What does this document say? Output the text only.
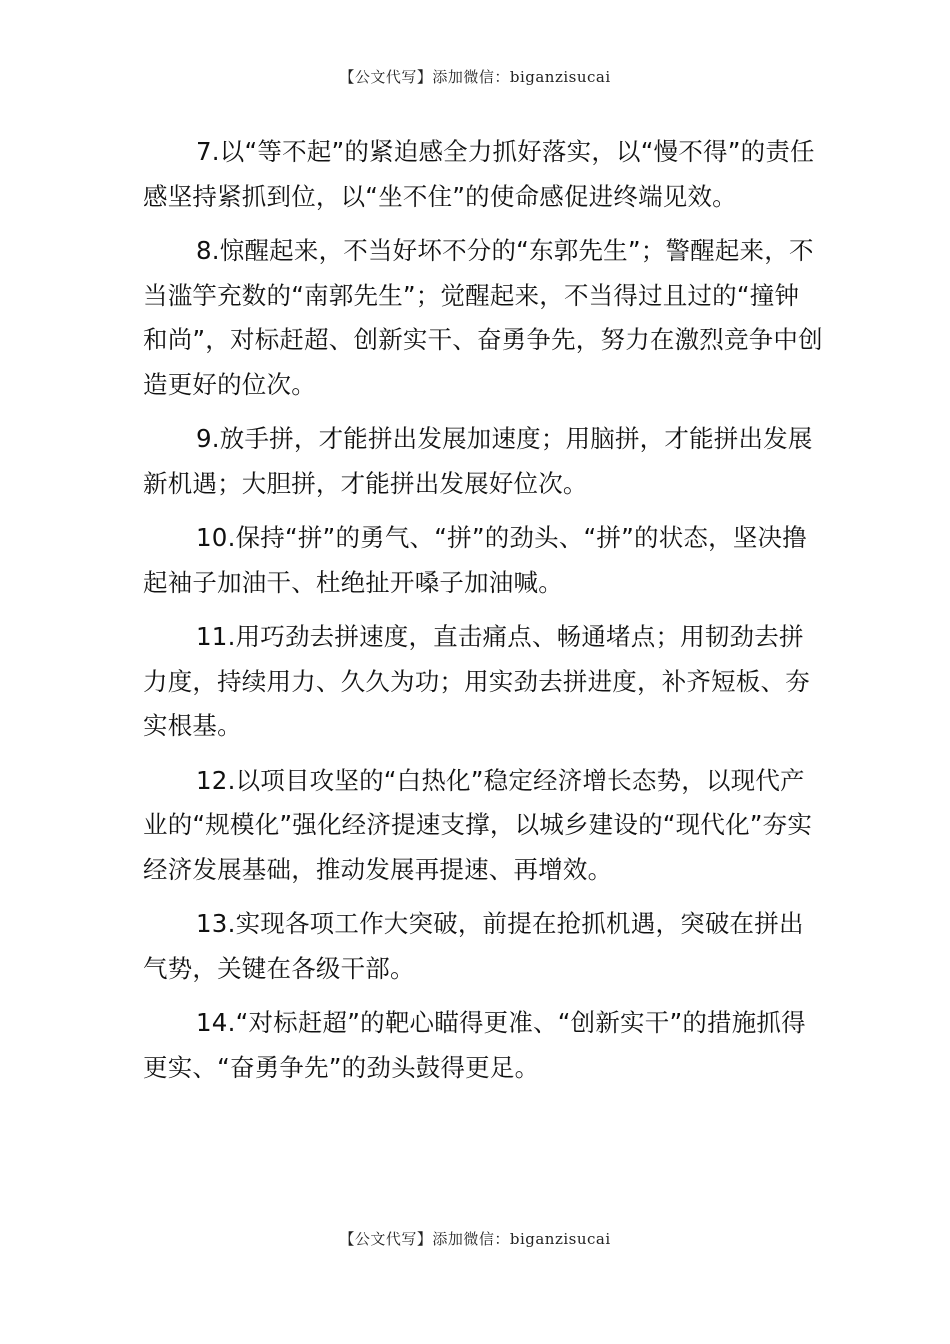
【公文代写】添加微信：biganzisucai

7.以“等不起”的紧迫感全力抓好落实，以“慢不得”的责任感坚持紧抓到位，以“坐不住”的使命感促进终端见效。

8.惊醒起来，不当好坏不分的“东郭先生”；警醒起来，不当滥竽充数的“南郭先生”；觉醒起来，不当得过且过的“撞钟和尚”，对标赶超、创新实干、奋勇争先，努力在激烈竞争中创造更好的位次。

9.放手拼，才能拼出发展加速度；用脑拼，才能拼出发展新机遇；大胆拼，才能拼出发展好位次。

10.保持“拼”的勇气、“拼”的劲头、“拼”的状态，坚决撸起袖子加油干、杜绝扯开嗓子加油喊。

11.用巧劲去拼速度，直击痛点、畅通堵点；用韧劲去拼力度，持续用力、久久为功；用实劲去拼进度，补齐短板、夯实根基。

12.以项目攻坚的“白热化”稳定经济增长态势，以现代产业的“规模化”强化经济提速支撑，以城乡建设的“现代化”夯实经济发展基础，推动发展再提速、再增效。

13.实现各项工作大突破，前提在抢抓机遇，突破在拼出气势，关键在各级干部。

14.“对标赶超”的靶心瞄得更准、“创新实干”的措施抓得更实、“奋勇争先”的劲头鼓得更足。

【公文代写】添加微信：biganzisucai
